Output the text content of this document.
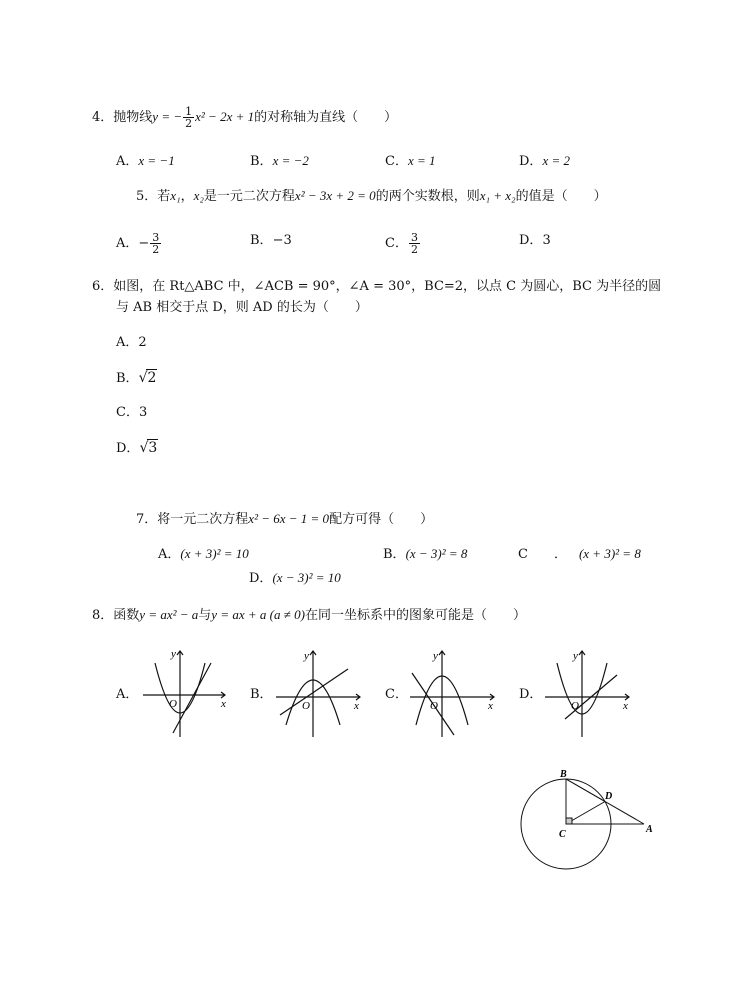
4．抛物线y = − $\frac{1}{2} x^2 - 2x + 1$的对称轴为直线（　　）
A．x = −1	B．x = −2	C．x = 1	D．x = 2
5．若x₁，x₂是一元二次方程x² − 3x + 2 = 0的两个实数根，则x₁ + x₂的值是（　　）
A．− $\frac{3}{2}$	B．−3	C． $\frac{3}{2}$	D．3
6．如图，在 Rt△ABC 中，∠ACB = 90°，∠A = 30°，BC=2，以点 C 为圆心，BC 为半径的圆
与 AB 相交于点 D，则 AD 的长为（　　）
A．2
B．√2
C．3
D．√3
7．将一元二次方程x² − 6x − 1 = 0配方可得（　　）
A．(x + 3)² = 10	B．(x − 3)² = 8	C　　． (x + 3)² = 8
D．(x − 3)² = 10
8．函数y = ax² − a与y = ax + a (a ≠ 0)在同一坐标系中的图象可能是（　　）
A．	B．	C．	D．
y
x
O
y
x
O
y
x
O
y
x
O
B
C
D
A
